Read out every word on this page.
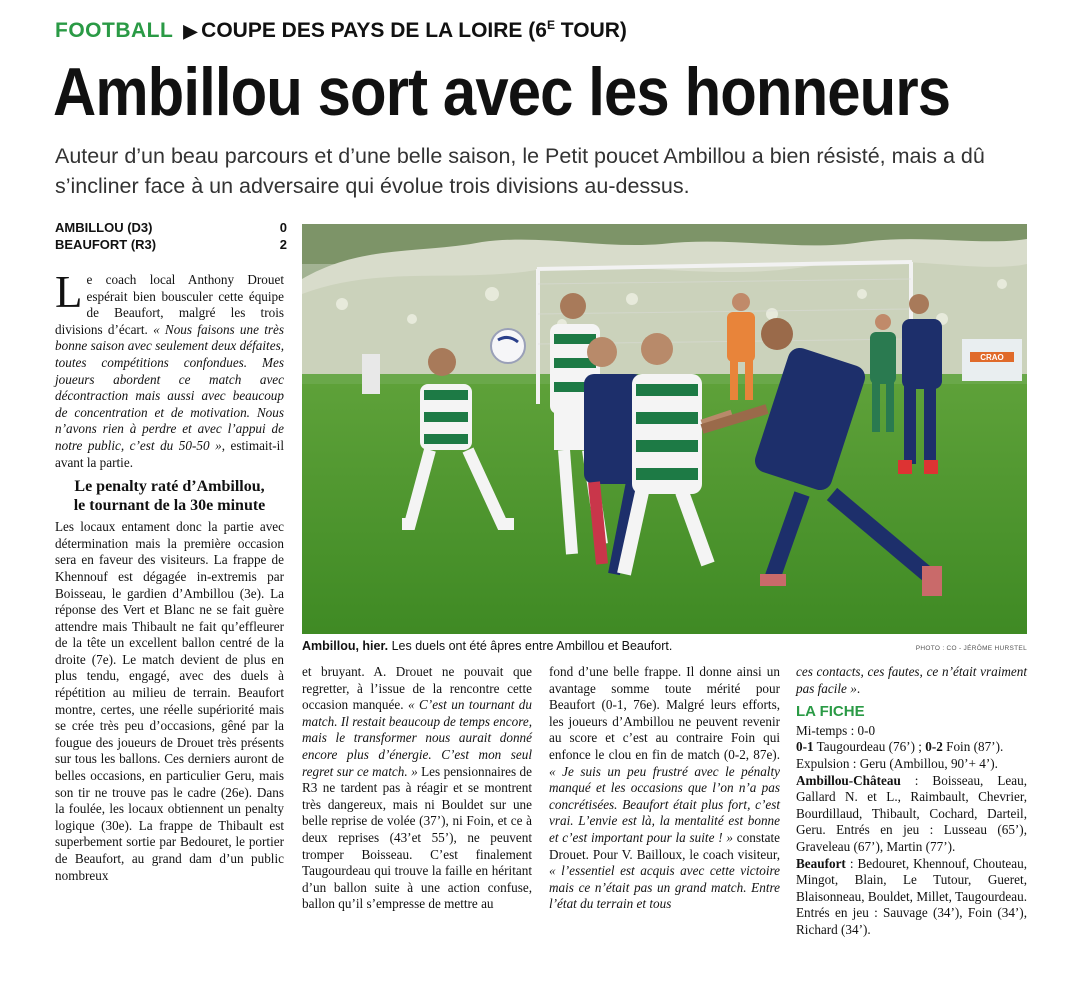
FOOTBALL ▶ COUPE DES PAYS DE LA LOIRE ($6^E$ TOUR)
Ambillou sort avec les honneurs
Auteur d’un beau parcours et d’une belle saison, le Petit poucet Ambillou a bien résisté, mais a dû s’incliner face à un adversaire qui évolue trois divisions au-dessus.
AMBILLOU (D3)	0
BEAUFORT (R3)	2
CRAO
Ambillou, hier. Les duels ont été âpres entre Ambillou et Beaufort.	PHOTO : CO - JÉRÔME HURSTEL

Le coach local Anthony Drouet espérait bien bousculer cette équipe de Beaufort, malgré les trois divisions d’écart. « Nous faisons une très bonne saison avec seulement deux défaites, toutes compétitions confondues. Mes joueurs abordent ce match avec décontraction mais aussi avec beaucoup de concentration et de motivation. Nous n’avons rien à perdre et avec l’appui de notre public, c’est du 50-50 », estimait-il avant la partie.

Le penalty raté d’Ambillou,
le tournant de la 30e minute

Les locaux entament donc la partie avec détermination mais la première occasion sera en faveur des visiteurs. La frappe de Khennouf est dégagée in-extremis par Boisseau, le gardien d’Ambillou (3e). La réponse des Vert et Blanc ne se fait guère attendre mais Thibault ne fait qu’effleurer de la tête un excellent ballon centré de la droite (7e). Le match devient de plus en plus tendu, engagé, avec des duels à répétition au milieu de terrain. Beaufort montre, certes, une réelle supériorité mais se crée très peu d’occasions, gêné par la fougue des joueurs de Drouet très présents sur tous les ballons. Ces derniers auront de belles occasions, en particulier Geru, mais son tir ne trouve pas le cadre (26e). Dans la foulée, les locaux obtiennent un penalty logique (30e). La frappe de Thibault est superbement sortie par Bedouret, le portier de Beaufort, au grand dam d’un public nombreux

et bruyant. A. Drouet ne pouvait que regretter, à l’issue de la rencontre cette occasion manquée. « C’est un tournant du match. Il restait beaucoup de temps encore, mais le transformer nous aurait donné encore plus d’énergie. C’est mon seul regret sur ce match. » Les pensionnaires de R3 ne tardent pas à réagir et se montrent très dangereux, mais ni Bouldet sur une belle reprise de volée (37’), ni Foin, et ce à deux reprises (43’et 55’), ne peuvent tromper Boisseau. C’est finalement Taugourdeau qui trouve la faille en héritant d’un ballon suite à une action confuse, ballon qu’il s’empresse de mettre au

fond d’une belle frappe. Il donne ainsi un avantage somme toute mérité pour Beaufort (0-1, 76e). Malgré leurs efforts, les joueurs d’Ambillou ne peuvent revenir au score et c’est au contraire Foin qui enfonce le clou en fin de match (0-2, 87e). « Je suis un peu frustré avec le pénalty manqué et les occasions que l’on n’a pas concrétisées. Beaufort était plus fort, c’est vrai. L’envie est là, la mentalité est bonne et c’est important pour la suite ! » constate Drouet. Pour V. Bailloux, le coach visiteur, « l’essentiel est acquis avec cette victoire mais ce n’était pas un grand match. Entre l’état du terrain et tous

ces contacts, ces fautes, ce n’était vraiment pas facile ».

LA FICHE

Mi-temps : 0-0

0-1 Taugourdeau (76’) ; 0-2 Foin (87’).

Expulsion : Geru (Ambillou, 90’+ 4’).

Ambillou-Château : Boisseau, Leau, Gallard N. et L., Raimbault, Chevrier, Bourdillaud, Thibault, Cochard, Darteil, Geru. Entrés en jeu : Lusseau (65’), Graveleau (67’), Martin (77’).

Beaufort : Bedouret, Khennouf, Chouteau, Mingot, Blain, Le Tutour, Gueret, Blaisonneau, Bouldet, Millet, Taugourdeau. Entrés en jeu : Sauvage (34’), Foin (34’), Richard (34’).
